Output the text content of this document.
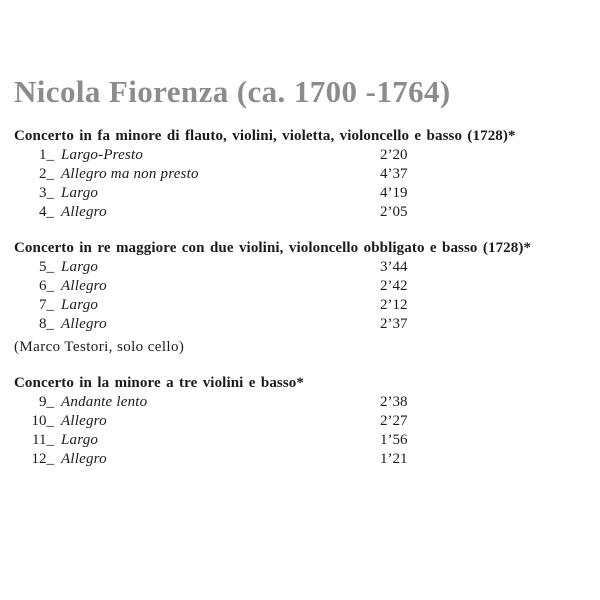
Nicola Fiorenza (ca. 1700 -1764)
Concerto in fa minore di flauto, violini, violetta, violoncello e basso (1728)*
1_ Largo-Presto	2’20
2_ Allegro ma non presto	4’37
3_ Largo	4’19
4_ Allegro	2’05
Concerto in re maggiore con due violini, violoncello obbligato e basso (1728)*
5_ Largo	3’44
6_ Allegro	2’42
7_ Largo	2’12
8_ Allegro	2’37
(Marco Testori, solo cello)
Concerto in la minore a tre violini e basso*
9_ Andante lento	2’38
10_ Allegro	2’27
11_ Largo	1’56
12_ Allegro	1’21
